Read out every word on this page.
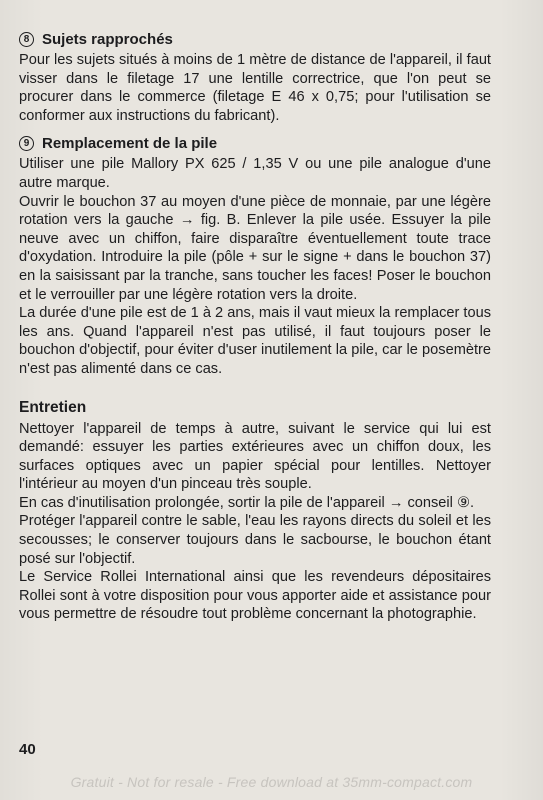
8 Sujets rapprochés

Pour les sujets situés à moins de 1 mètre de distance de l'appareil, il faut visser dans le filetage 17 une lentille correctrice, que l'on peut se procurer dans le commerce (filetage E 46 x 0,75; pour l'utilisation se conformer aux instructions du fabricant).

9 Remplacement de la pile

Utiliser une pile Mallory PX 625 / 1,35 V ou une pile analogue d'une autre marque.

Ouvrir le bouchon 37 au moyen d'une pièce de monnaie, par une légère rotation vers la gauche → fig. B. Enlever la pile usée. Essuyer la pile neuve avec un chiffon, faire disparaître éventuellement toute trace d'oxydation. Introduire la pile (pôle + sur le signe + dans le bouchon 37) en la saisissant par la tranche, sans toucher les faces! Poser le bouchon et le verrouiller par une légère rotation vers la droite.

La durée d'une pile est de 1 à 2 ans, mais il vaut mieux la remplacer tous les ans. Quand l'appareil n'est pas utilisé, il faut toujours poser le bouchon d'objectif, pour éviter d'user inutilement la pile, car le posemètre n'est pas alimenté dans ce cas.

Entretien

Nettoyer l'appareil de temps à autre, suivant le service qui lui est demandé: essuyer les parties extérieures avec un chiffon doux, les surfaces optiques avec un papier spécial pour lentilles. Nettoyer l'intérieur au moyen d'un pinceau très souple.

En cas d'inutilisation prolongée, sortir la pile de l'appareil → conseil ⑨.

Protéger l'appareil contre le sable, l'eau les rayons directs du soleil et les secousses; le conserver toujours dans le sacbourse, le bouchon étant posé sur l'objectif.

Le Service Rollei International ainsi que les revendeurs dépositaires Rollei sont à votre disposition pour vous apporter aide et assistance pour vous permettre de résoudre tout problème concernant la photographie.

40
Gratuit - Not for resale - Free download at 35mm-compact.com
